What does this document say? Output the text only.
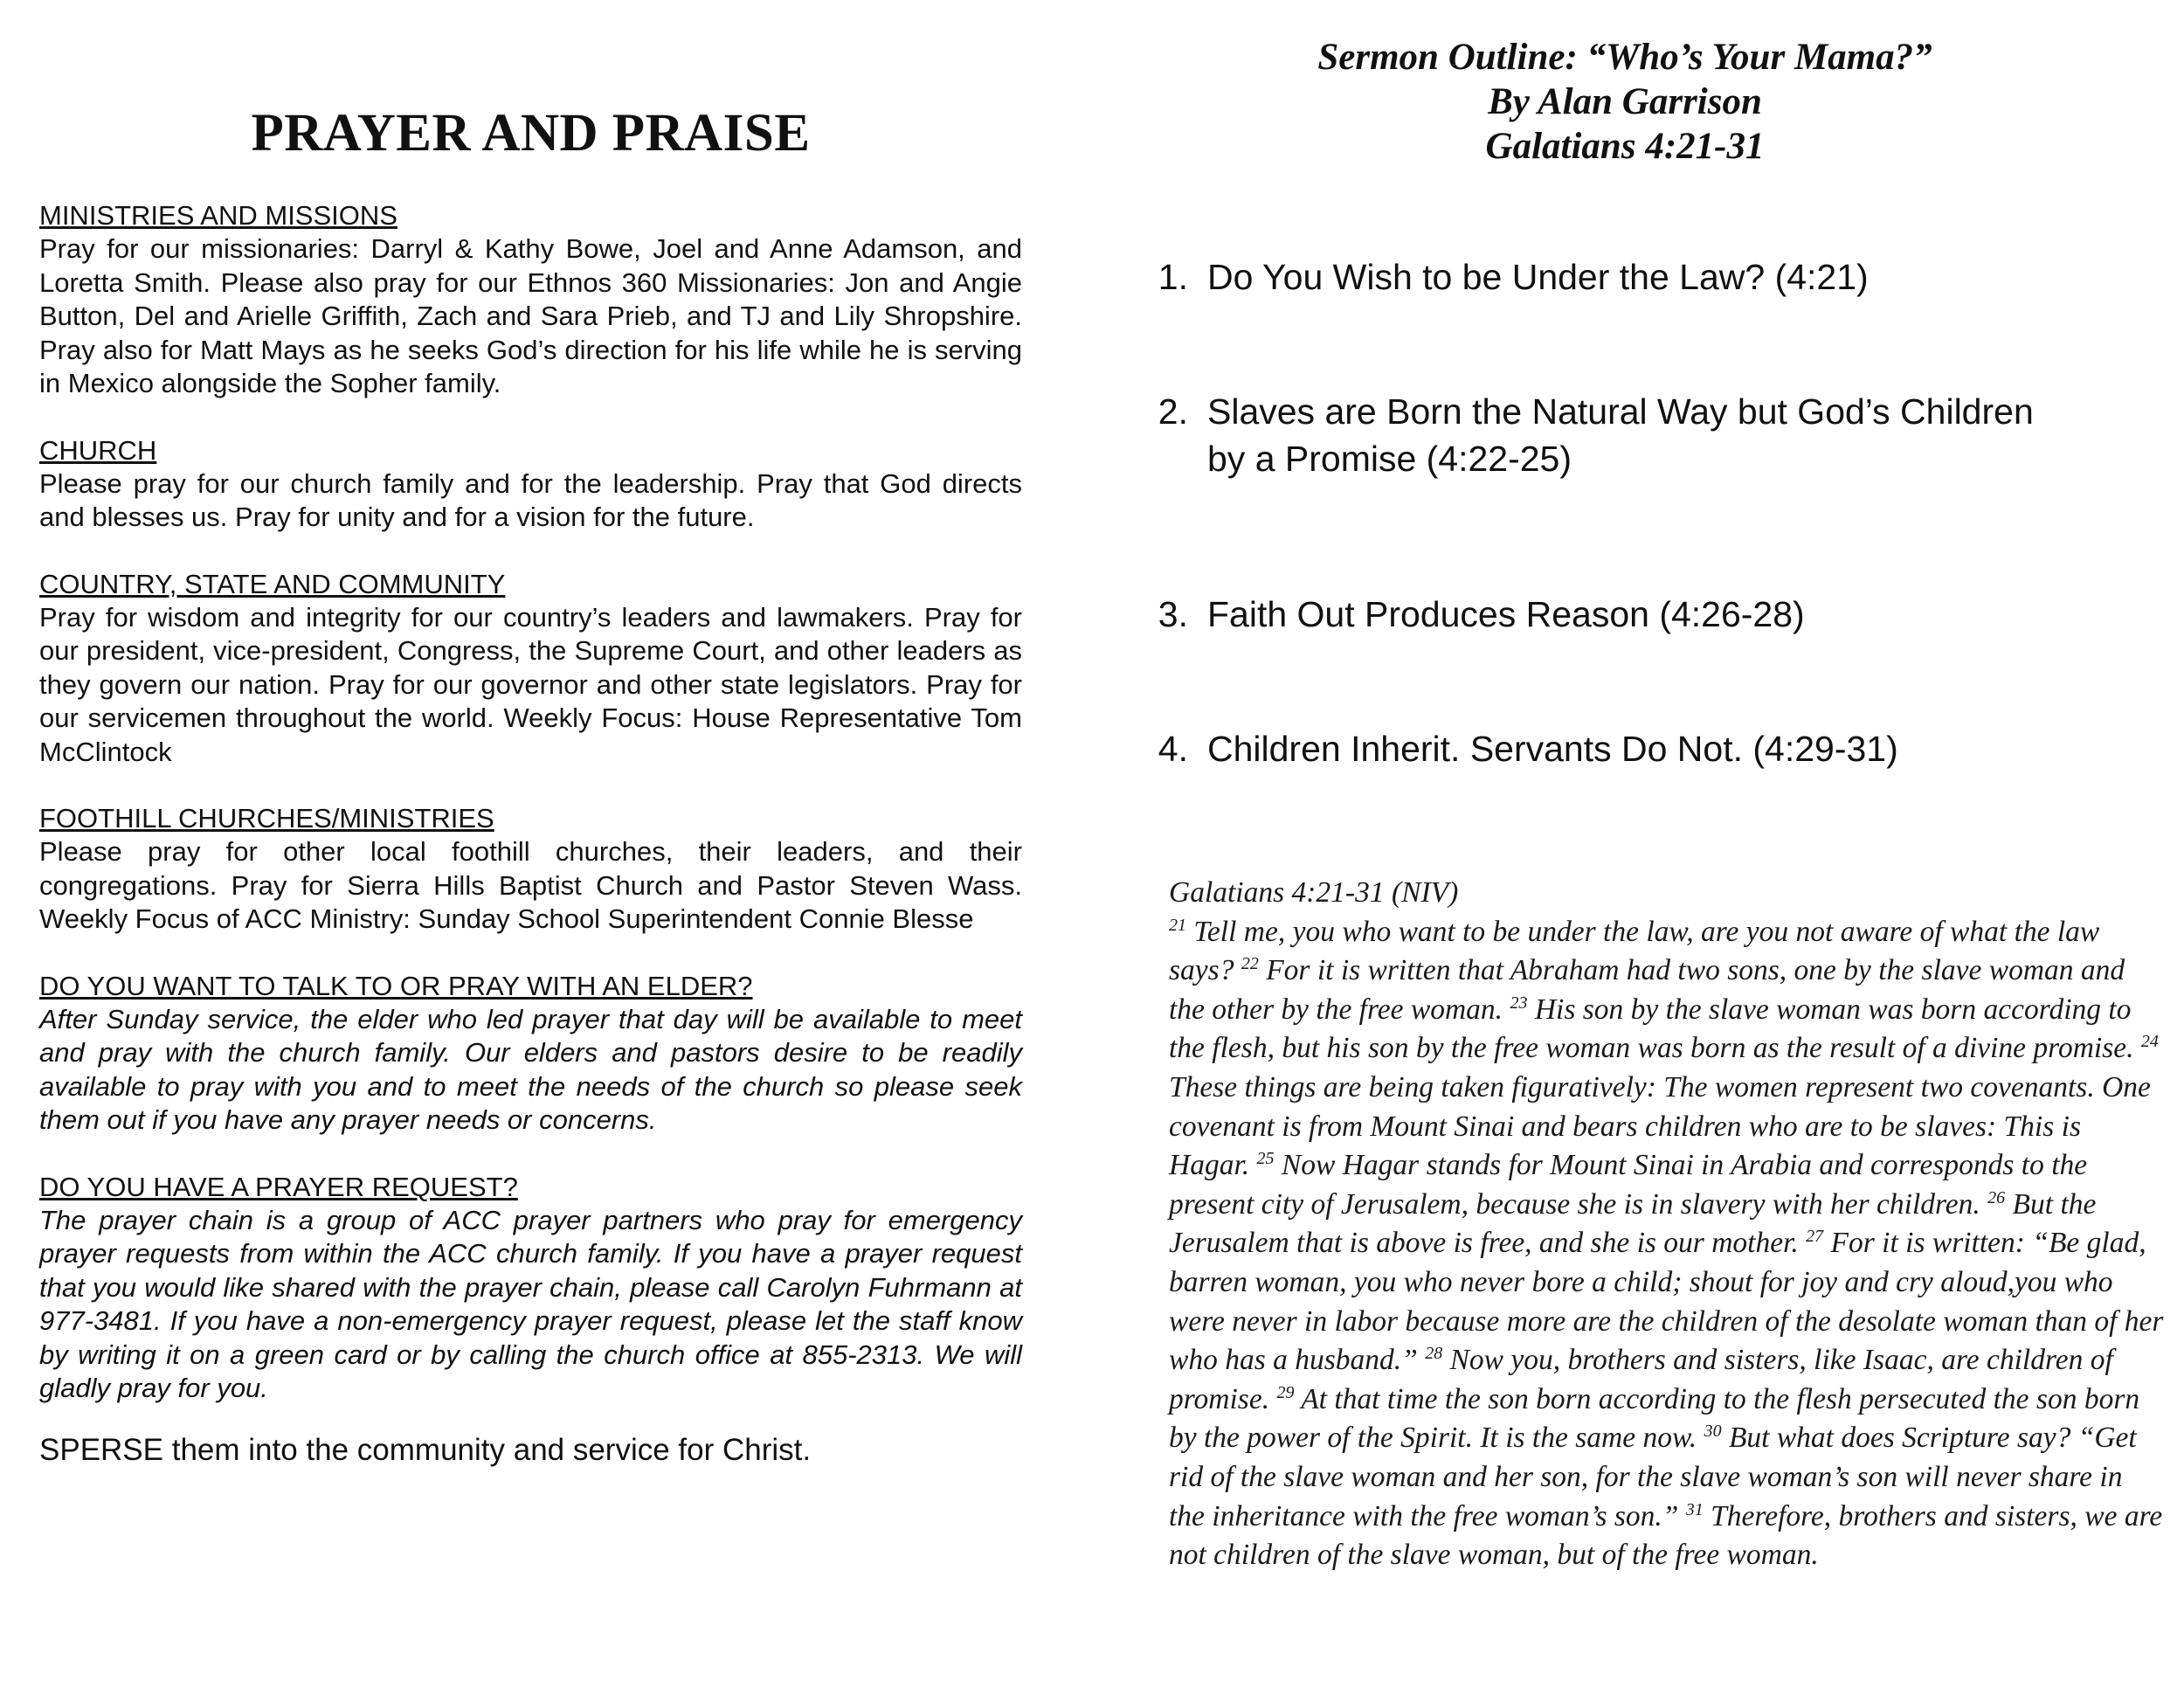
PRAYER AND PRAISE

MINISTRIES AND MISSIONS

Pray for our missionaries: Darryl & Kathy Bowe, Joel and Anne Adamson, and Loretta Smith. Please also pray for our Ethnos 360 Missionaries: Jon and Angie Button, Del and Arielle Griffith, Zach and Sara Prieb, and TJ and Lily Shropshire. Pray also for Matt Mays as he seeks God’s direction for his life while he is serving in Mexico alongside the Sopher family.

CHURCH

Please pray for our church family and for the leadership. Pray that God directs and blesses us. Pray for unity and for a vision for the future.

COUNTRY, STATE AND COMMUNITY

Pray for wisdom and integrity for our country’s leaders and lawmakers. Pray for our president, vice-president, Congress, the Supreme Court, and other leaders as they govern our nation. Pray for our governor and other state legislators. Pray for our servicemen throughout the world. Weekly Focus: House Representative Tom McClintock

FOOTHILL CHURCHES/MINISTRIES

Please pray for other local foothill churches, their leaders, and their congregations. Pray for Sierra Hills Baptist Church and Pastor Steven Wass. Weekly Focus of ACC Ministry: Sunday School Superintendent Connie Blesse

DO YOU WANT TO TALK TO OR PRAY WITH AN ELDER?

After Sunday service, the elder who led prayer that day will be available to meet and pray with the church family. Our elders and pastors desire to be readily available to pray with you and to meet the needs of the church so please seek them out if you have any prayer needs or concerns.

DO YOU HAVE A PRAYER REQUEST?

The prayer chain is a group of ACC prayer partners who pray for emergency prayer requests from within the ACC church family. If you have a prayer request that you would like shared with the prayer chain, please call Carolyn Fuhrmann at 977-3481. If you have a non-emergency prayer request, please let the staff know by writing it on a green card or by calling the church office at 855-2313. We will gladly pray for you.

SPERSE them into the community and service for Christ.

Sermon Outline: “Who’s Your Mama?”
By Alan Garrison
Galatians 4:21-31
1. Do You Wish to be Under the Law? (4:21)
2. Slaves are Born the Natural Way but God’s Children
by a Promise (4:22-25)
3. Faith Out Produces Reason (4:26-28)
4. Children Inherit. Servants Do Not. (4:29-31)
Galatians 4:21-31 (NIV)
$^{21}$ Tell me, you who want to be under the law, are you not aware of what the law says? $^{22}$ For it is written that Abraham had two sons, one by the slave woman and the other by the free woman. $^{23}$ His son by the slave woman was born according to the flesh, but his son by the free woman was born as the result of a divine promise. $^{24}$ These things are being taken figuratively: The women represent two covenants. One covenant is from Mount Sinai and bears children who are to be slaves: This is Hagar. $^{25}$ Now Hagar stands for Mount Sinai in Arabia and corresponds to the present city of Jerusalem, because she is in slavery with her children. $^{26}$ But the Jerusalem that is above is free, and she is our mother. $^{27}$ For it is written: “Be glad, barren woman, you who never bore a child; shout for joy and cry aloud,you who were never in labor because more are the children of the desolate woman than of her who has a husband.” $^{28}$ Now you, brothers and sisters, like Isaac, are children of promise. $^{29}$ At that time the son born according to the flesh persecuted the son born by the power of the Spirit. It is the same now. $^{30}$ But what does Scripture say? “Get rid of the slave woman and her son, for the slave woman’s son will never share in the inheritance with the free woman’s son.” $^{31}$ Therefore, brothers and sisters, we are not children of the slave woman, but of the free woman.
